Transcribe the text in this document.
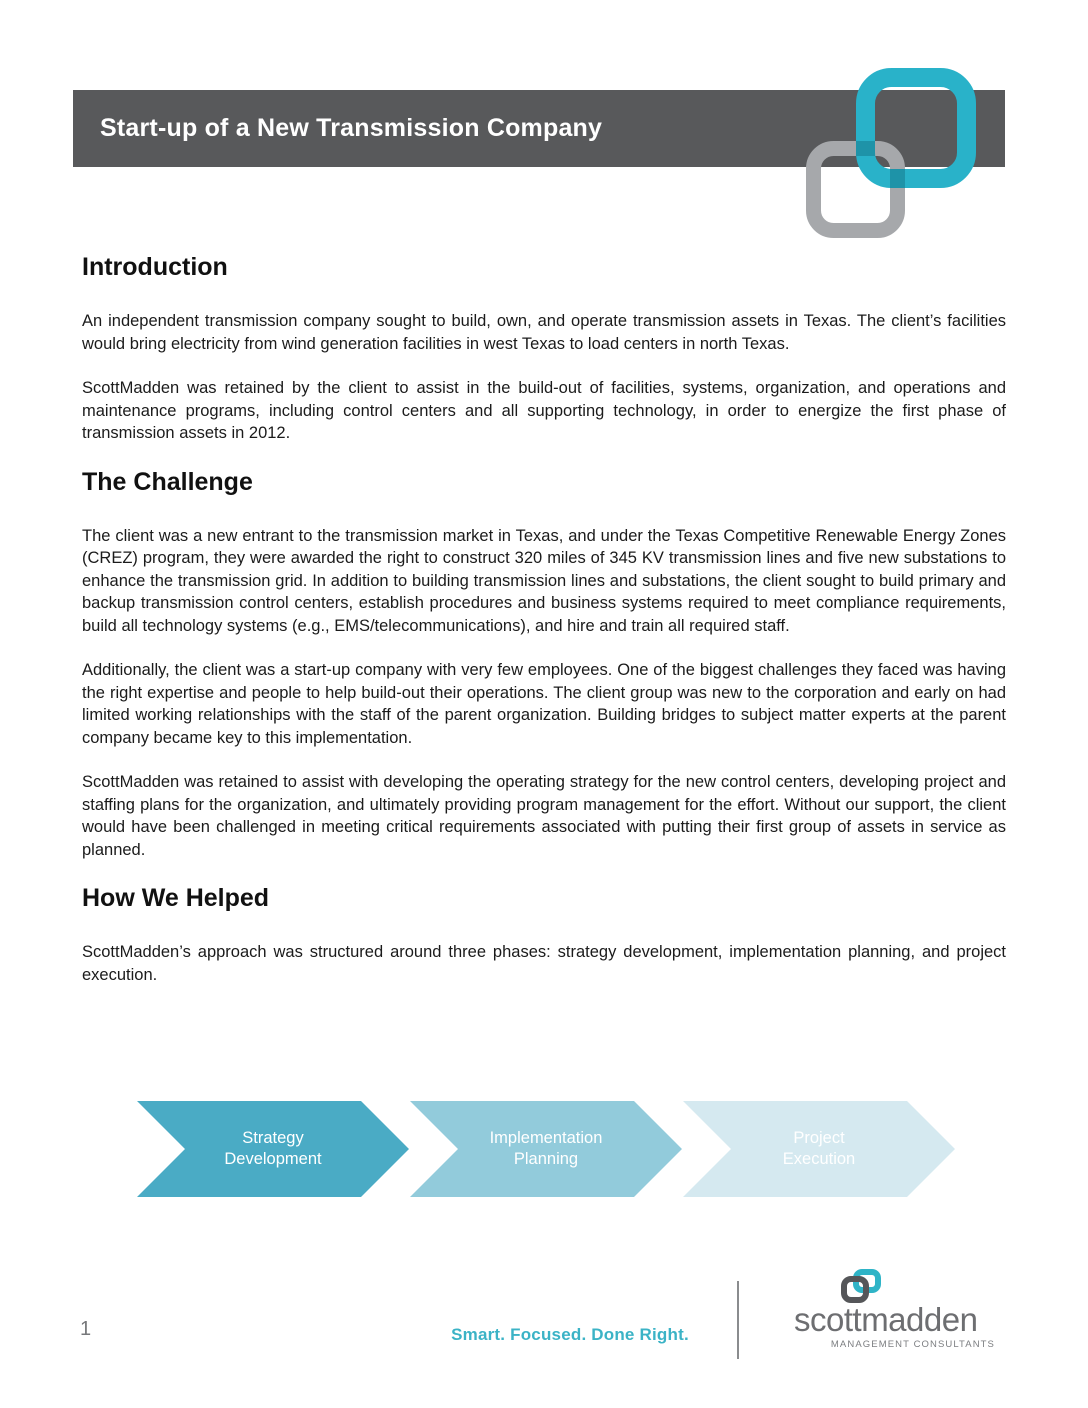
Start-up of a New Transmission Company
Introduction

An independent transmission company sought to build, own, and operate transmission assets in Texas. The client’s facilities would bring electricity from wind generation facilities in west Texas to load centers in north Texas.

ScottMadden was retained by the client to assist in the build-out of facilities, systems, organization, and operations and maintenance programs, including control centers and all supporting technology, in order to energize the first phase of transmission assets in 2012.

The Challenge

The client was a new entrant to the transmission market in Texas, and under the Texas Competitive Renewable Energy Zones (CREZ) program, they were awarded the right to construct 320 miles of 345 KV transmission lines and five new substations to enhance the transmission grid. In addition to building transmission lines and substations, the client sought to build primary and backup transmission control centers, establish procedures and business systems required to meet compliance requirements, build all technology systems (e.g., EMS/telecommunications), and hire and train all required staff.

Additionally, the client was a start-up company with very few employees. One of the biggest challenges they faced was having the right expertise and people to help build-out their operations. The client group was new to the corporation and early on had limited working relationships with the staff of the parent organization. Building bridges to subject matter experts at the parent company became key to this implementation.

ScottMadden was retained to assist with developing the operating strategy for the new control centers, developing project and staffing plans for the organization, and ultimately providing program management for the effort. Without our support, the client would have been challenged in meeting critical requirements associated with putting their first group of assets in service as planned.

How We Helped

ScottMadden’s approach was structured around three phases: strategy development, implementation planning, and project execution.

Strategy
Development
Implementation
Planning
Project
Execution
1	Smart. Focused. Done Right.	scottmadden
MANAGEMENT CONSULTANTS
